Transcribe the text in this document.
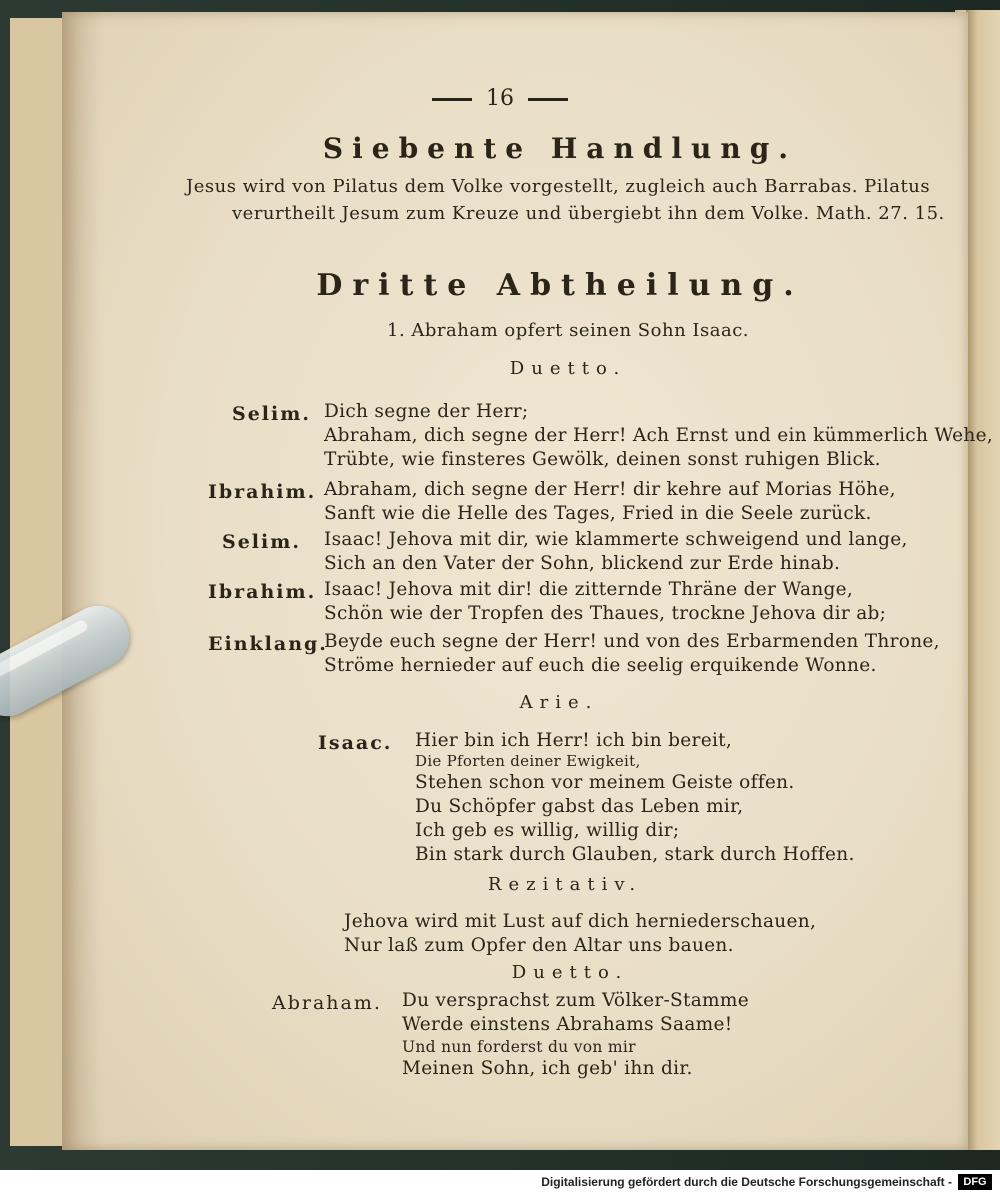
16
Siebente Handlung.
Jesus wird von Pilatus dem Volke vorgestellt, zugleich auch Barrabas. Pilatus
verurtheilt Jesum zum Kreuze und übergiebt ihn dem Volke. Math. 27. 15.
Dritte Abtheilung.
1. Abraham opfert seinen Sohn Isaac.
Duetto.
Selim. Dich segne der Herr;
Abraham, dich segne der Herr! Ach Ernst und ein kümmerlich Wehe,
Trübte, wie finsteres Gewölk, deinen sonst ruhigen Blick.
Ibrahim. Abraham, dich segne der Herr! dir kehre auf Morias Höhe,
Sanft wie die Helle des Tages, Fried in die Seele zurück.
Selim. Isaac! Jehova mit dir, wie klammerte schweigend und lange,
Sich an den Vater der Sohn, blickend zur Erde hinab.
Ibrahim. Isaac! Jehova mit dir! die zitternde Thräne der Wange,
Schön wie der Tropfen des Thaues, trockne Jehova dir ab;
Einklang.
Beyde euch segne der Herr! und von des Erbarmenden Throne,
Ströme hernieder auf euch die seelig erquikende Wonne.
Arie.
Isaac. Hier bin ich Herr! ich bin bereit,
Die Pforten deiner Ewigkeit,
Stehen schon vor meinem Geiste offen.
Du Schöpfer gabst das Leben mir,
Ich geb es willig, willig dir;
Bin stark durch Glauben, stark durch Hoffen.
Rezitativ.
Jehova wird mit Lust auf dich herniederschauen,
Nur laß zum Opfer den Altar uns bauen.
Duetto.
Abraham. Du versprachst zum Völker-Stamme
Werde einstens Abrahams Saame!
Und nun forderst du von mir
Meinen Sohn, ich geb' ihn dir.
Digitalisierung gefördert durch die Deutsche Forschungsgemeinschaft -	DFG
